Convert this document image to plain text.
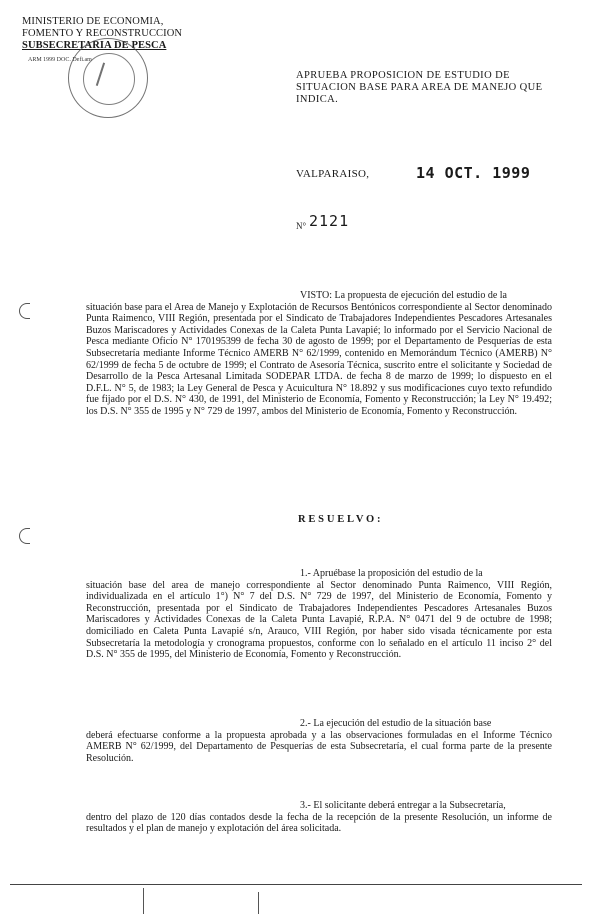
MINISTERIO DE ECONOMIA,
FOMENTO Y RECONSTRUCCION
SUBSECRETARIA DE PESCA
ARM 1999 DOC. Defi.am
APRUEBA PROPOSICION DE ESTUDIO DE SITUACION BASE PARA AREA DE MANEJO QUE INDICA.
VALPARAISO,	14 OCT. 1999
N° 2121
VISTO: La propuesta de ejecución del estudio de la
situación base para el Area de Manejo y Explotación de Recursos Bentónicos correspondiente al Sector denominado Punta Raimenco, VIII Región, presentada por el Sindicato de Trabajadores Independientes Pescadores Artesanales Buzos Mariscadores y Actividades Conexas de la Caleta Punta Lavapié; lo informado por el Servicio Nacional de Pesca mediante Oficio N° 170195399 de fecha 30 de agosto de 1999; por el Departamento de Pesquerías de esta Subsecretaría mediante Informe Técnico AMERB N° 62/1999, contenido en Memorándum Técnico (AMERB) N° 62/1999 de fecha 5 de octubre de 1999; el Contrato de Asesoría Técnica, suscrito entre el solicitante y Sociedad de Desarrollo de la Pesca Artesanal Limitada SODEPAR LTDA. de fecha 8 de marzo de 1999; lo dispuesto en el D.F.L. N° 5, de 1983; la Ley General de Pesca y Acuicultura N° 18.892 y sus modificaciones cuyo texto refundido fue fijado por el D.S. N° 430, de 1991, del Ministerio de Economía, Fomento y Reconstrucción; la Ley N° 19.492; los D.S. N° 355 de 1995 y N° 729 de 1997, ambos del Ministerio de Economía, Fomento y Reconstrucción.
RESUELVO:
1.- Apruébase la proposición del estudio de la
situación base del area de manejo correspondiente al Sector denominado Punta Raimenco, VIII Región, individualizada en el artículo 1°) N° 7 del D.S. N° 729 de 1997, del Ministerio de Economía, Fomento y Reconstrucción, presentada por el Sindicato de Trabajadores Independientes Pescadores Artesanales Buzos Mariscadores y Actividades Conexas de la Caleta Punta Lavapié, R.P.A. N° 0471 del 9 de octubre de 1998; domiciliado en Caleta Punta Lavapié s/n, Arauco, VIII Región, por haber sido visada técnicamente por esta Subsecretaría la metodología y cronograma propuestos, conforme con lo señalado en el artículo 11 inciso 2° del D.S. N° 355 de 1995, del Ministerio de Economía, Fomento y Reconstrucción.
2.- La ejecución del estudio de la situación base
deberá efectuarse conforme a la propuesta aprobada y a las observaciones formuladas en el Informe Técnico AMERB N° 62/1999, del Departamento de Pesquerías de esta Subsecretaría, el cual forma parte de la presente Resolución.
3.- El solicitante deberá entregar a la Subsecretaría,
dentro del plazo de 120 días contados desde la fecha de la recepción de la presente Resolución, un informe de resultados y el plan de manejo y explotación del área solicitada.
